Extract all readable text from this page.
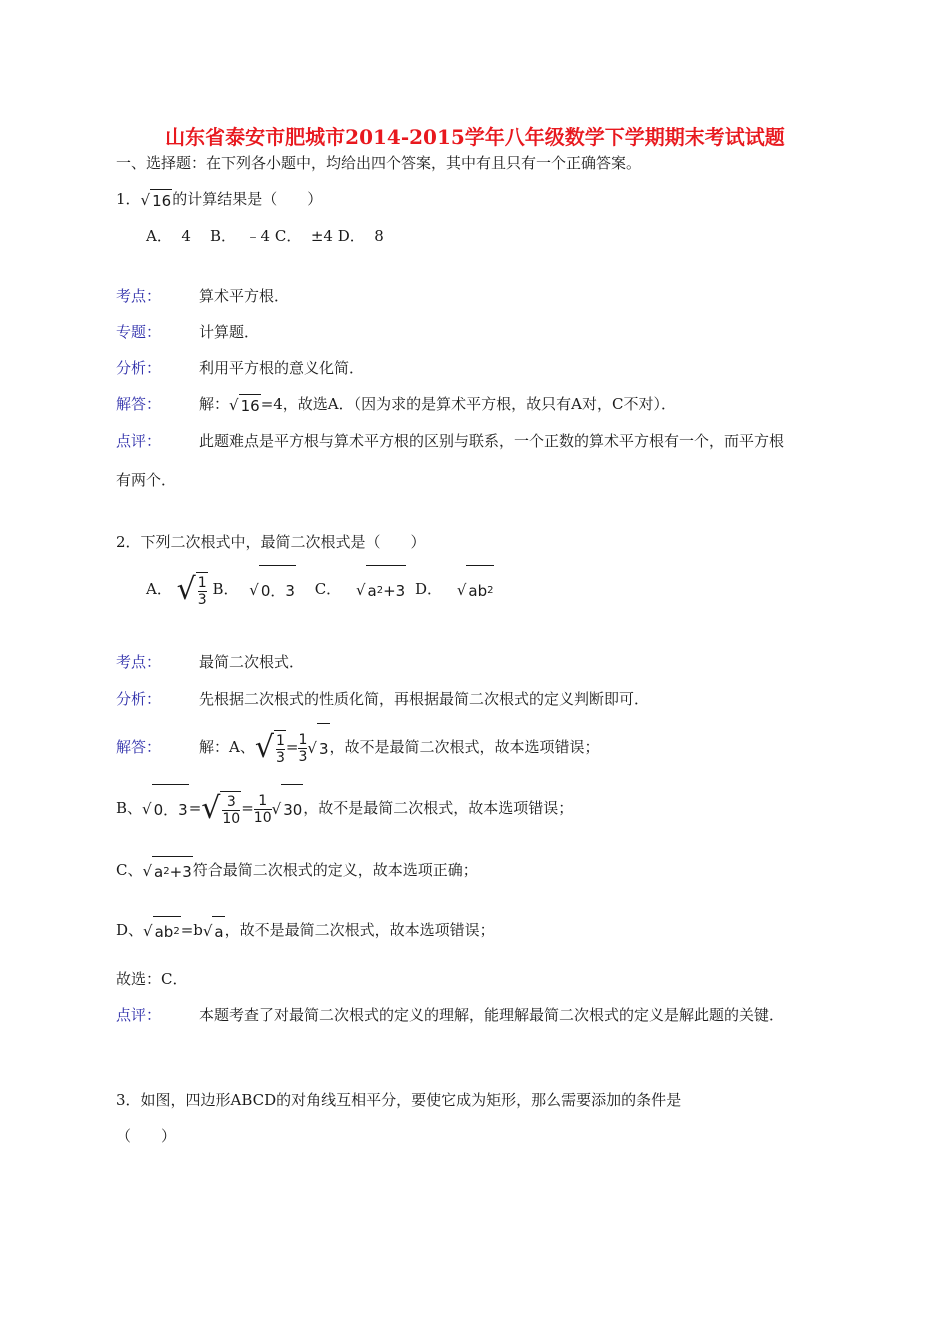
山东省泰安市肥城市2014-2015学年八年级数学下学期期末考试试题
一、选择题：在下列各小题中，均给出四个答案，其中有且只有一个正确答案。
1． √ 16 的计算结果是（　　）
A．  4    B．  ﹣4 C．  ±4 D．  8
考点：	算术平方根．
专题：	计算题．
分析：	利用平方根的意义化简．
解答：	解： √ 16 =4，故选A．（因为求的是算术平方根，故只有A对，C不对）．
点评：	此题难点是平方根与算术平方根的区别与联系，一个正数的算术平方根有一个，而平方根
有两个．
2．下列二次根式中，最简二次根式是（　　）
A． √ $\frac{1}{3}$ B． √ 0．3 C． √ a 2 +3 D． √ ab 2
考点：	最简二次根式．
分析：	先根据二次根式的性质化简，再根据最简二次根式的定义判断即可．
解答：	解：A、 √ $\frac{1}{3} = \frac{1}{3}$ √ 3 ，故不是最简二次根式，故本选项错误；
B、 √ 0．3 = √ $\frac{3}{10} = \frac{1}{10}$ √ 30 ，故不是最简二次根式，故本选项错误；
C、 √ a 2 +3 符合最简二次根式的定义，故本选项正确；
D、 √ ab 2 =b √ a ，故不是最简二次根式，故本选项错误；
故选：C．
点评：	本题考查了对最简二次根式的定义的理解，能理解最简二次根式的定义是解此题的关键．
3．如图，四边形ABCD的对角线互相平分，要使它成为矩形，那么需要添加的条件是
（　　）
